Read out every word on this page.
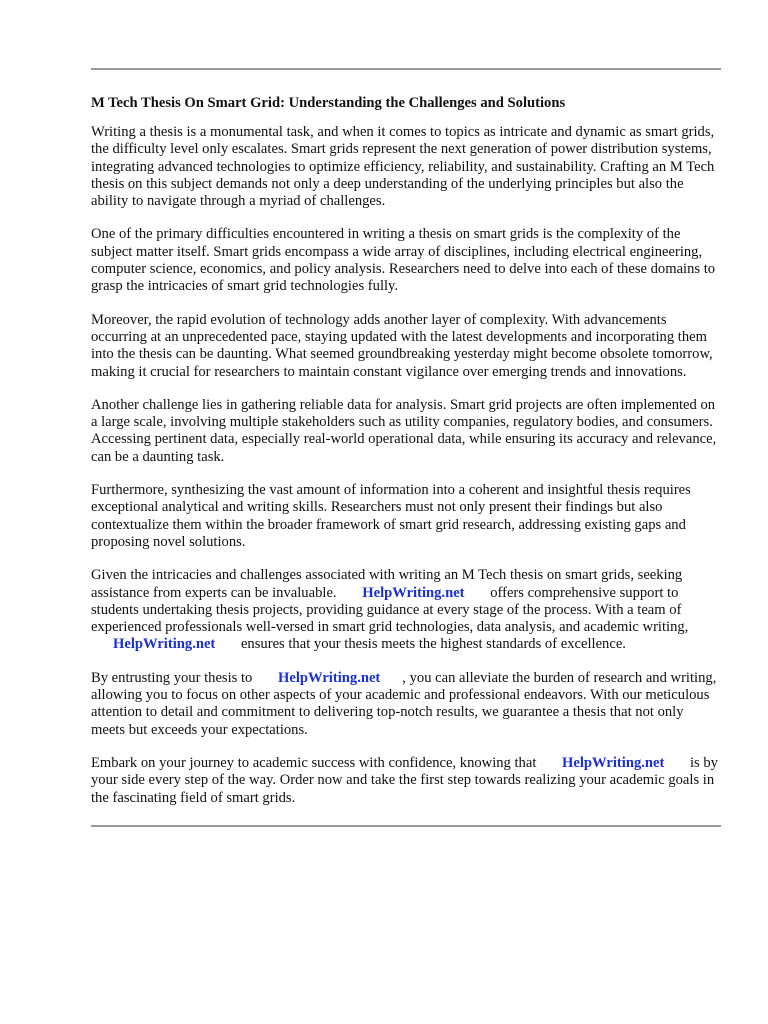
M Tech Thesis On Smart Grid: Understanding the Challenges and Solutions

Writing a thesis is a monumental task, and when it comes to topics as intricate and dynamic as smart grids, the difficulty level only escalates. Smart grids represent the next generation of power distribution systems, integrating advanced technologies to optimize efficiency, reliability, and sustainability. Crafting an M Tech thesis on this subject demands not only a deep understanding of the underlying principles but also the ability to navigate through a myriad of challenges.

One of the primary difficulties encountered in writing a thesis on smart grids is the complexity of the subject matter itself. Smart grids encompass a wide array of disciplines, including electrical engineering, computer science, economics, and policy analysis. Researchers need to delve into each of these domains to grasp the intricacies of smart grid technologies fully.

Moreover, the rapid evolution of technology adds another layer of complexity. With advancements occurring at an unprecedented pace, staying updated with the latest developments and incorporating them into the thesis can be daunting. What seemed groundbreaking yesterday might become obsolete tomorrow, making it crucial for researchers to maintain constant vigilance over emerging trends and innovations.

Another challenge lies in gathering reliable data for analysis. Smart grid projects are often implemented on a large scale, involving multiple stakeholders such as utility companies, regulatory bodies, and consumers. Accessing pertinent data, especially real-world operational data, while ensuring its accuracy and relevance, can be a daunting task.

Furthermore, synthesizing the vast amount of information into a coherent and insightful thesis requires exceptional analytical and writing skills. Researchers must not only present their findings but also contextualize them within the broader framework of smart grid research, addressing existing gaps and proposing novel solutions.

Given the intricacies and challenges associated with writing an M Tech thesis on smart grids, seeking assistance from experts can be invaluable. HelpWriting.net offers comprehensive support to students undertaking thesis projects, providing guidance at every stage of the process. With a team of experienced professionals well-versed in smart grid technologies, data analysis, and academic writing, HelpWriting.net ensures that your thesis meets the highest standards of excellence.

By entrusting your thesis to HelpWriting.net , you can alleviate the burden of research and writing, allowing you to focus on other aspects of your academic and professional endeavors. With our meticulous attention to detail and commitment to delivering top-notch results, we guarantee a thesis that not only meets but exceeds your expectations.

Embark on your journey to academic success with confidence, knowing that HelpWriting.net is by your side every step of the way. Order now and take the first step towards realizing your academic goals in the fascinating field of smart grids.
